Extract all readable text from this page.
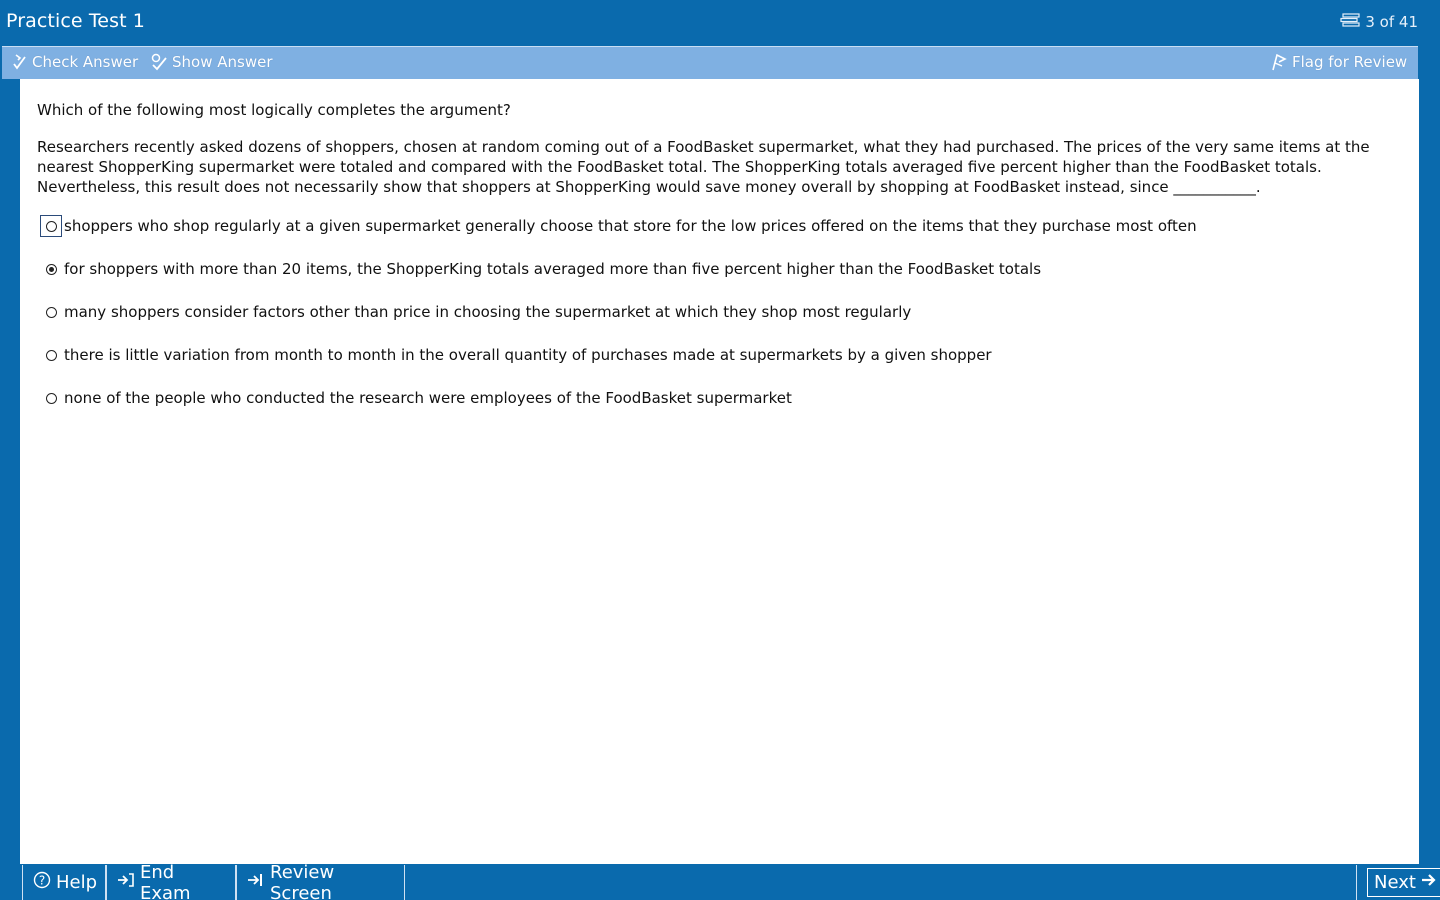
Practice Test 1	3 of 41
Check Answer Show Answer	Flag for Review
Which of the following most logically completes the argument?
Researchers recently asked dozens of shoppers, chosen at random coming out of a FoodBasket supermarket, what they had purchased. The prices of the very same items at the nearest ShopperKing supermarket were totaled and compared with the FoodBasket total. The ShopperKing totals averaged five percent higher than the FoodBasket totals. Nevertheless, this result does not necessarily show that shoppers at ShopperKing would save money overall by shopping at FoodBasket instead, since ___________.
shoppers who shop regularly at a given supermarket generally choose that store for the low prices offered on the items that they purchase most often
for shoppers with more than 20 items, the ShopperKing totals averaged more than five percent higher than the FoodBasket totals
many shoppers consider factors other than price in choosing the supermarket at which they shop most regularly
there is little variation from month to month in the overall quantity of purchases made at supermarkets by a given shopper
none of the people who conducted the research were employees of the FoodBasket supermarket
? Help End Exam
Review Screen	Next
